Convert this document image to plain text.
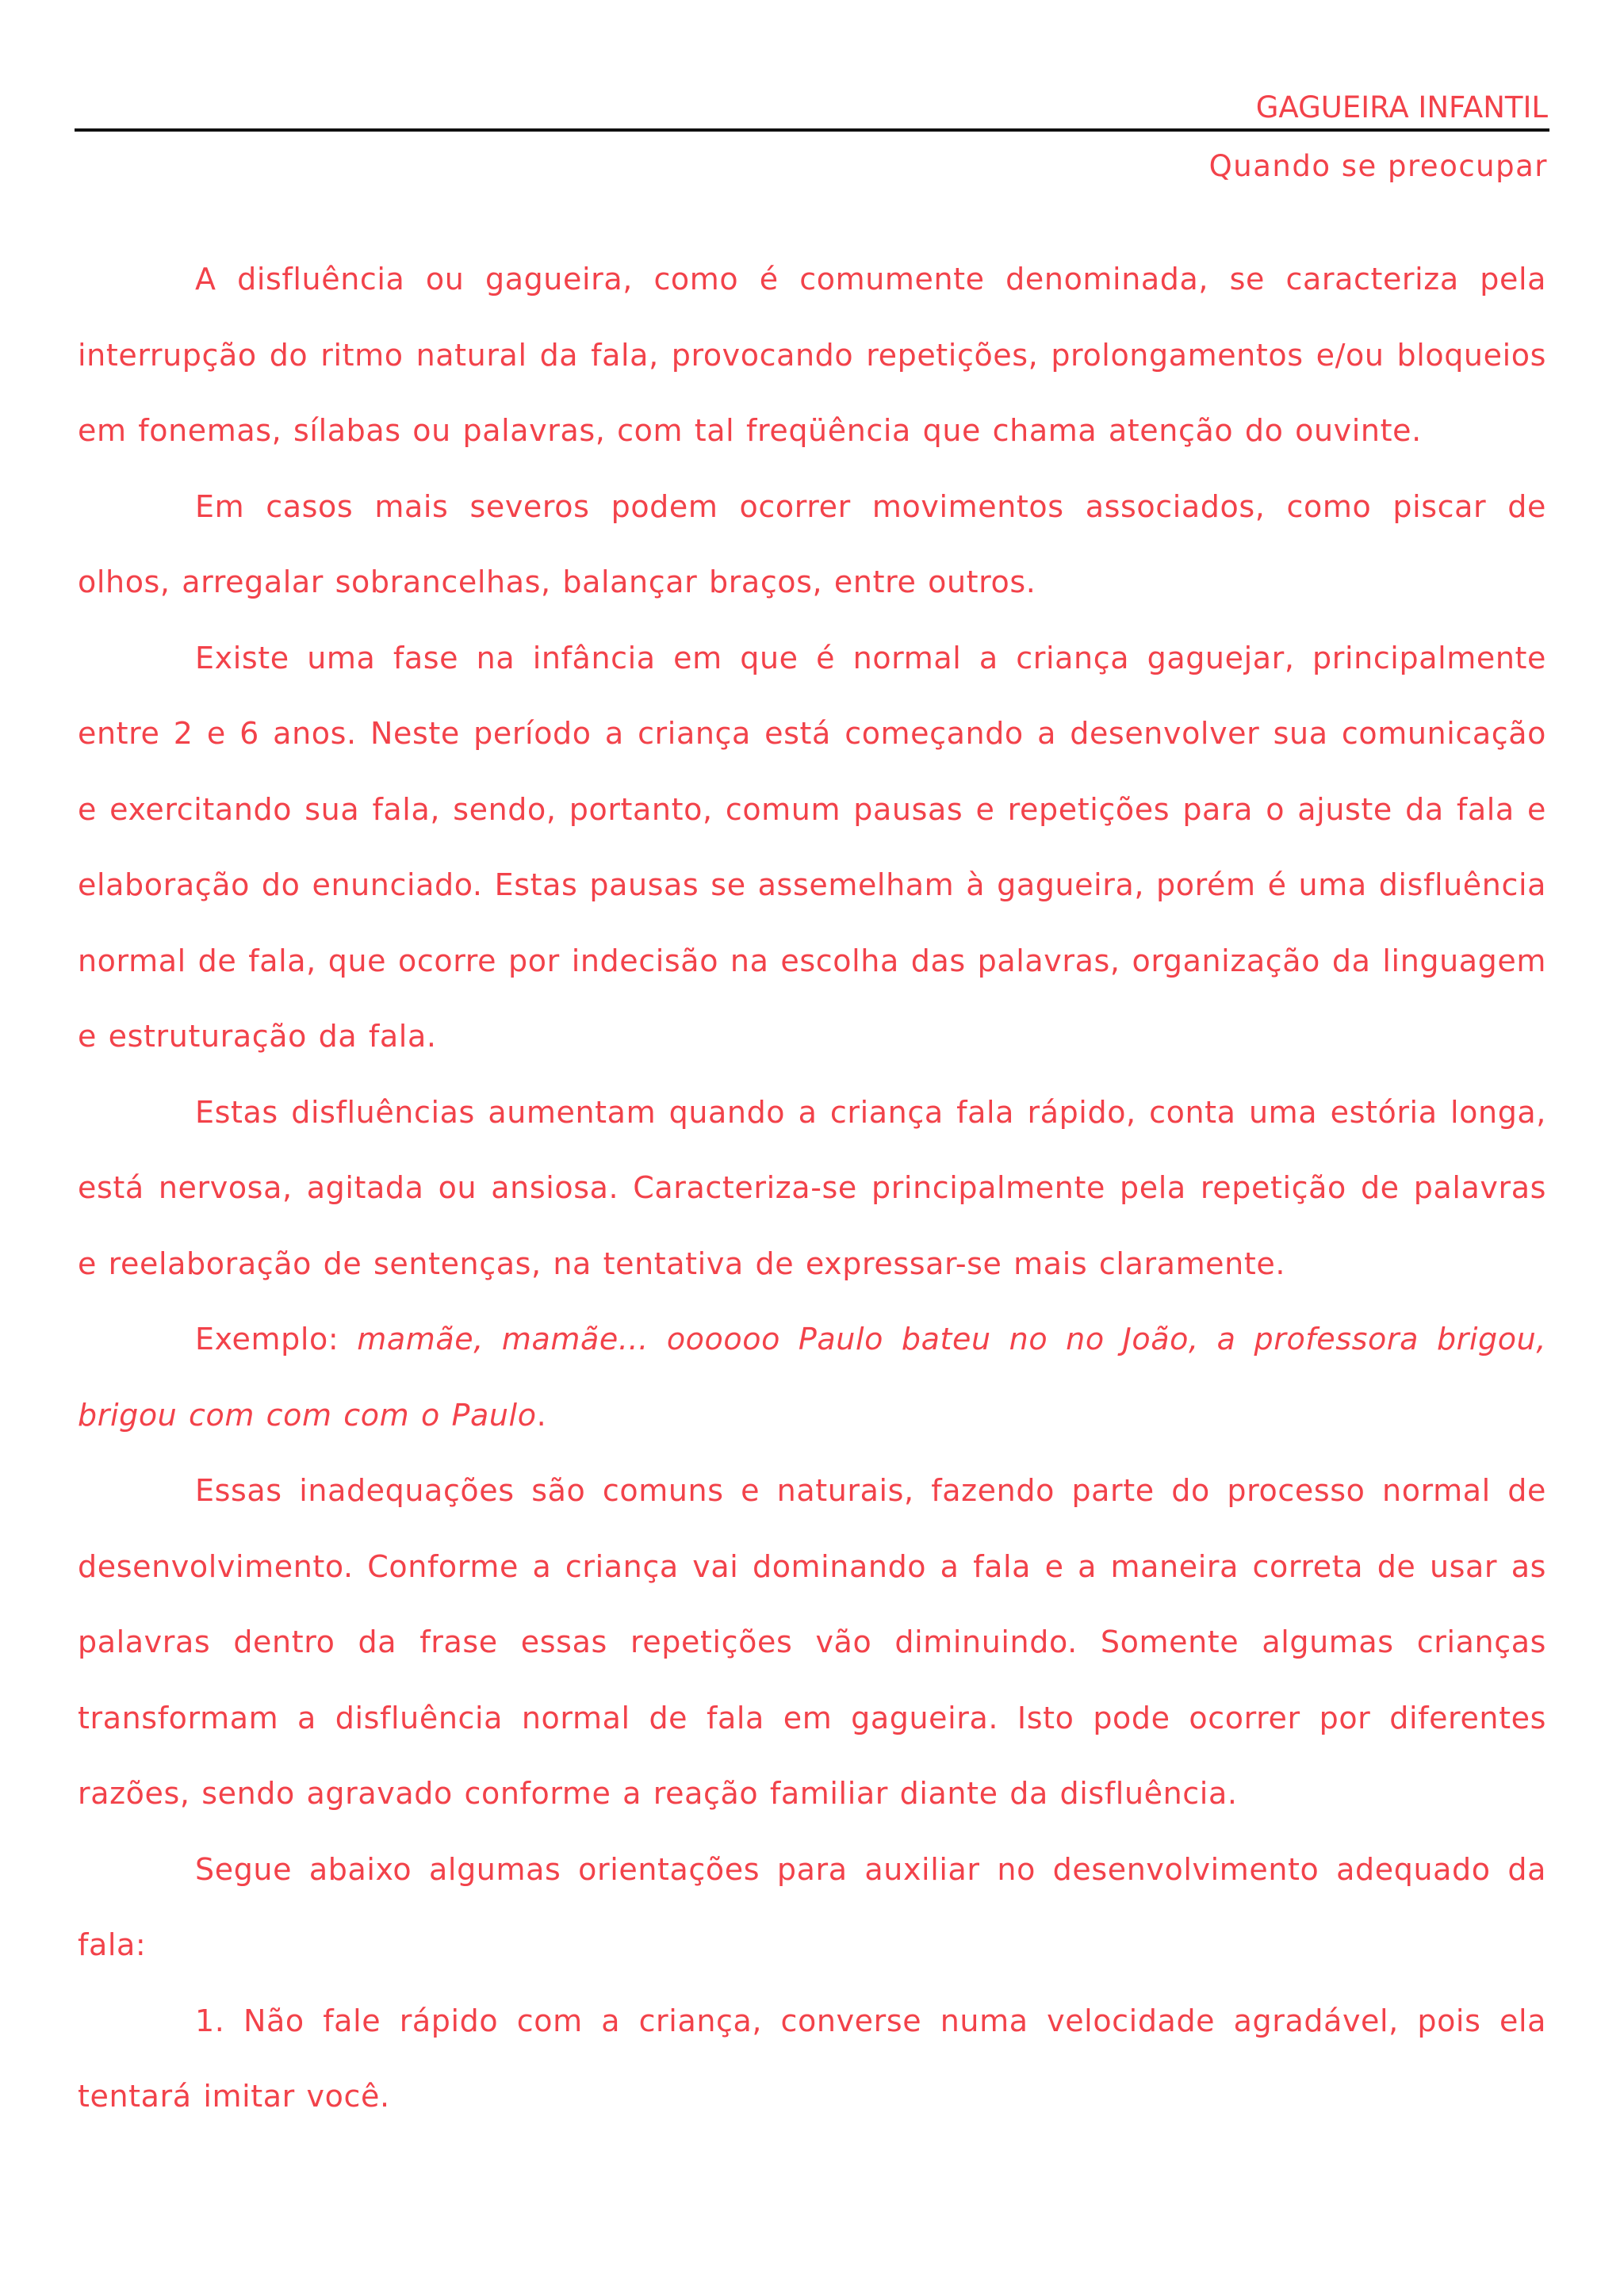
GAGUEIRA INFANTIL
Quando se preocupar

A disfluência ou gagueira, como é comumente denominada, se caracteriza pela interrupção do ritmo natural da fala, provocando repetições, prolongamentos e/ou bloqueios em fonemas, sílabas ou palavras, com tal freqüência que chama atenção do ouvinte.

Em casos mais severos podem ocorrer movimentos associados, como piscar de olhos, arregalar sobrancelhas, balançar braços, entre outros.

Existe uma fase na infância em que é normal a criança gaguejar, principalmente entre 2 e 6 anos. Neste período a criança está começando a desenvolver sua comunicação e exercitando sua fala, sendo, portanto, comum pausas e repetições para o ajuste da fala e elaboração do enunciado. Estas pausas se assemelham à gagueira, porém é uma disfluência normal de fala, que ocorre por indecisão na escolha das palavras, organização da linguagem e estruturação da fala.

Estas disfluências aumentam quando a criança fala rápido, conta uma estória longa, está nervosa, agitada ou ansiosa. Caracteriza-se principalmente pela repetição de palavras e reelaboração de sentenças, na tentativa de expressar-se mais claramente.

Exemplo: mamãe, mamãe... oooooo Paulo bateu no no João, a professora brigou, brigou com com com o Paulo.

Essas inadequações são comuns e naturais, fazendo parte do processo normal de desenvolvimento. Conforme a criança vai dominando a fala e a maneira correta de usar as palavras dentro da frase essas repetições vão diminuindo. Somente algumas crianças transformam a disfluência normal de fala em gagueira. Isto pode ocorrer por diferentes razões, sendo agravado conforme a reação familiar diante da disfluência.

Segue abaixo algumas orientações para auxiliar no desenvolvimento adequado da fala:

1. Não fale rápido com a criança, converse numa velocidade agradável, pois ela tentará imitar você.
